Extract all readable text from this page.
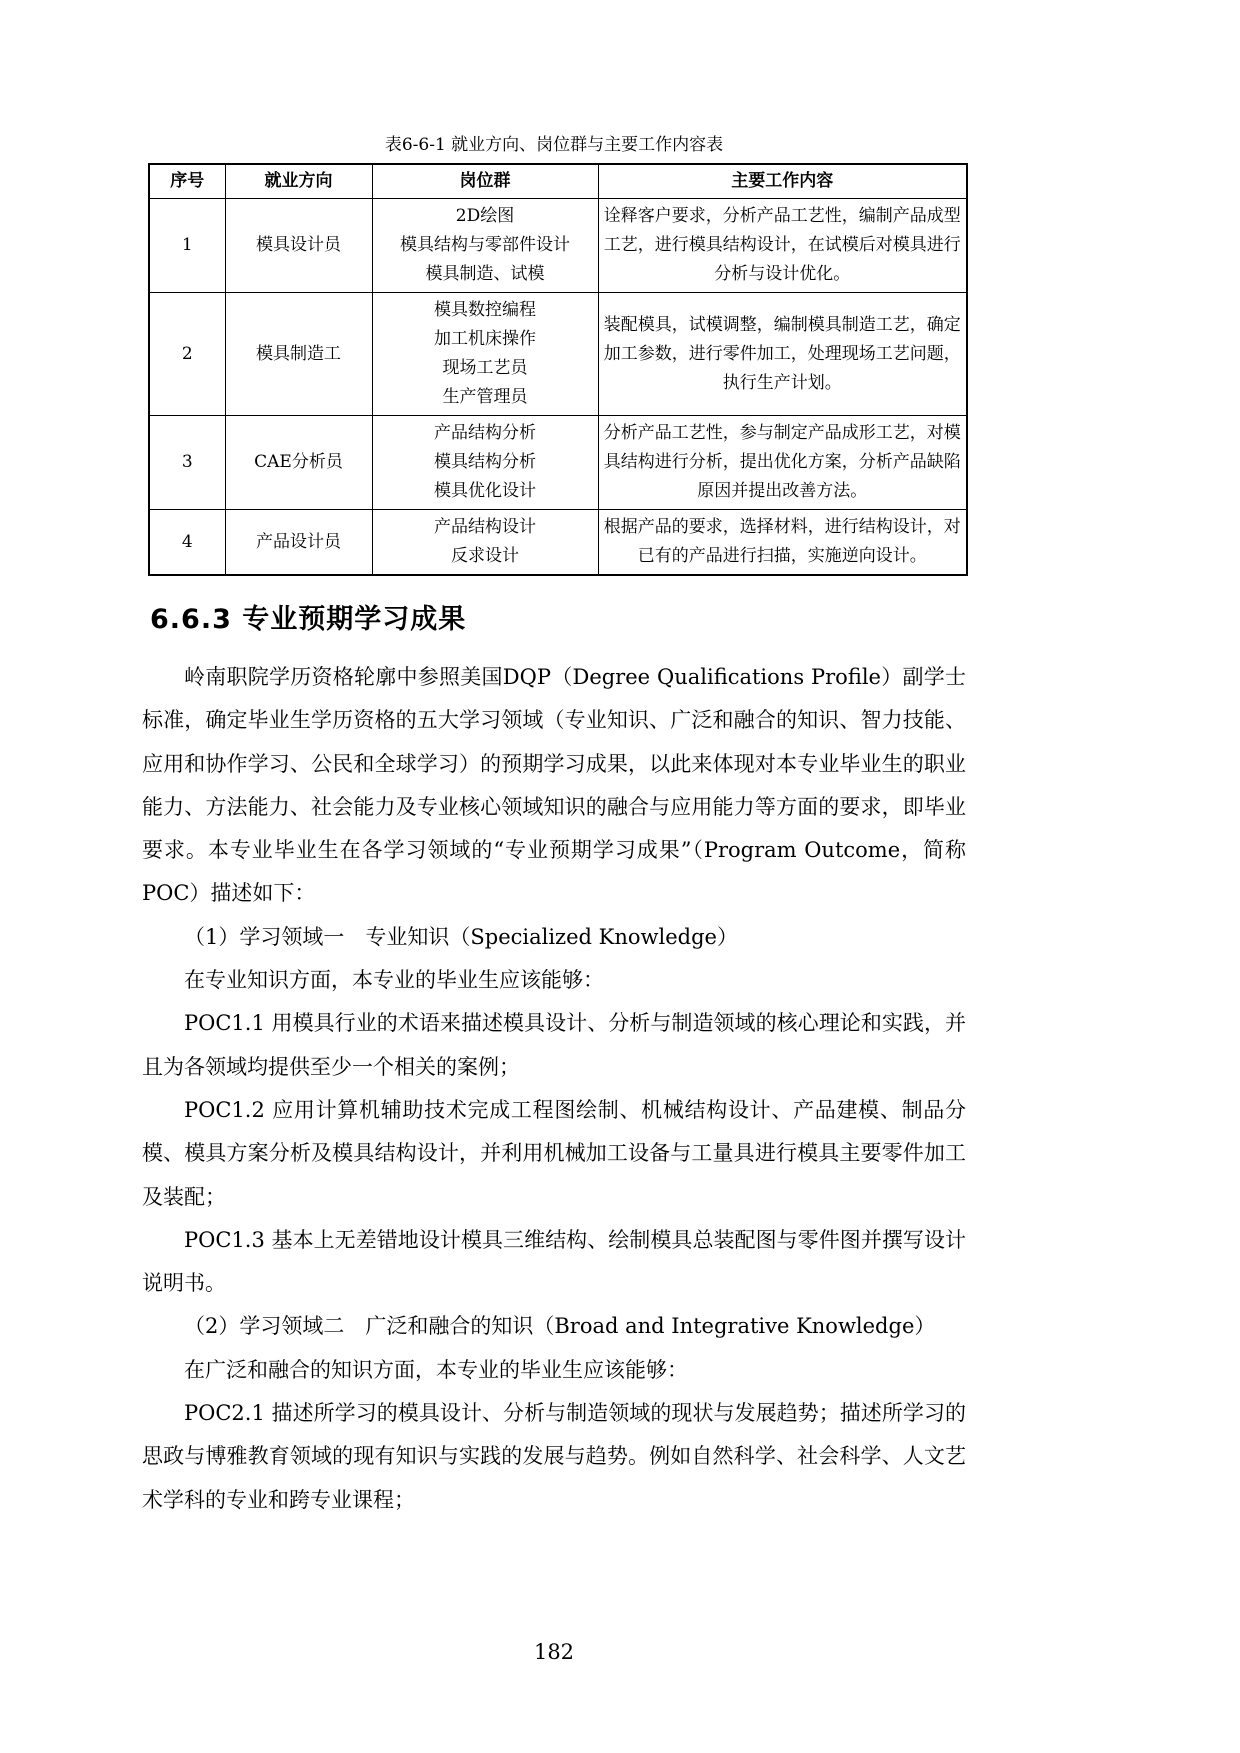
表6-6-1 就业方向、岗位群与主要工作内容表
序号	就业方向	岗位群	主要工作内容
1	模具设计员	2D绘图
模具结构与零部件设计
模具制造、试模	诠释客户要求，分析产品工艺性，编制产品成型工艺，进行模具结构设计，在试模后对模具进行分析与设计优化。
2	模具制造工	模具数控编程
加工机床操作
现场工艺员
生产管理员	装配模具，试模调整，编制模具制造工艺，确定加工参数，进行零件加工，处理现场工艺问题，执行生产计划。
3	CAE分析员	产品结构分析
模具结构分析
模具优化设计	分析产品工艺性，参与制定产品成形工艺，对模具结构进行分析，提出优化方案，分析产品缺陷原因并提出改善方法。
4	产品设计员	产品结构设计
反求设计	根据产品的要求，选择材料，进行结构设计，对已有的产品进行扫描，实施逆向设计。
6.6.3 专业预期学习成果

岭南职院学历资格轮廓中参照美国DQP（Degree Qualifications Profile）副学士标准，确定毕业生学历资格的五大学习领域（专业知识、广泛和融合的知识、智力技能、应用和协作学习、公民和全球学习）的预期学习成果，以此来体现对本专业毕业生的职业能力、方法能力、社会能力及专业核心领域知识的融合与应用能力等方面的要求，即毕业要求。本专业毕业生在各学习领域的“专业预期学习成果”（Program Outcome，简称POC）描述如下：

（1）学习领域一　专业知识（Specialized Knowledge）

在专业知识方面，本专业的毕业生应该能够：

POC1.1 用模具行业的术语来描述模具设计、分析与制造领域的核心理论和实践，并且为各领域均提供至少一个相关的案例；

POC1.2 应用计算机辅助技术完成工程图绘制、机械结构设计、产品建模、制品分模、模具方案分析及模具结构设计，并利用机械加工设备与工量具进行模具主要零件加工及装配；

POC1.3 基本上无差错地设计模具三维结构、绘制模具总装配图与零件图并撰写设计说明书。

（2）学习领域二　广泛和融合的知识（Broad and Integrative Knowledge）

在广泛和融合的知识方面，本专业的毕业生应该能够：

POC2.1 描述所学习的模具设计、分析与制造领域的现状与发展趋势；描述所学习的思政与博雅教育领域的现有知识与实践的发展与趋势。例如自然科学、社会科学、人文艺术学科的专业和跨专业课程；

182
